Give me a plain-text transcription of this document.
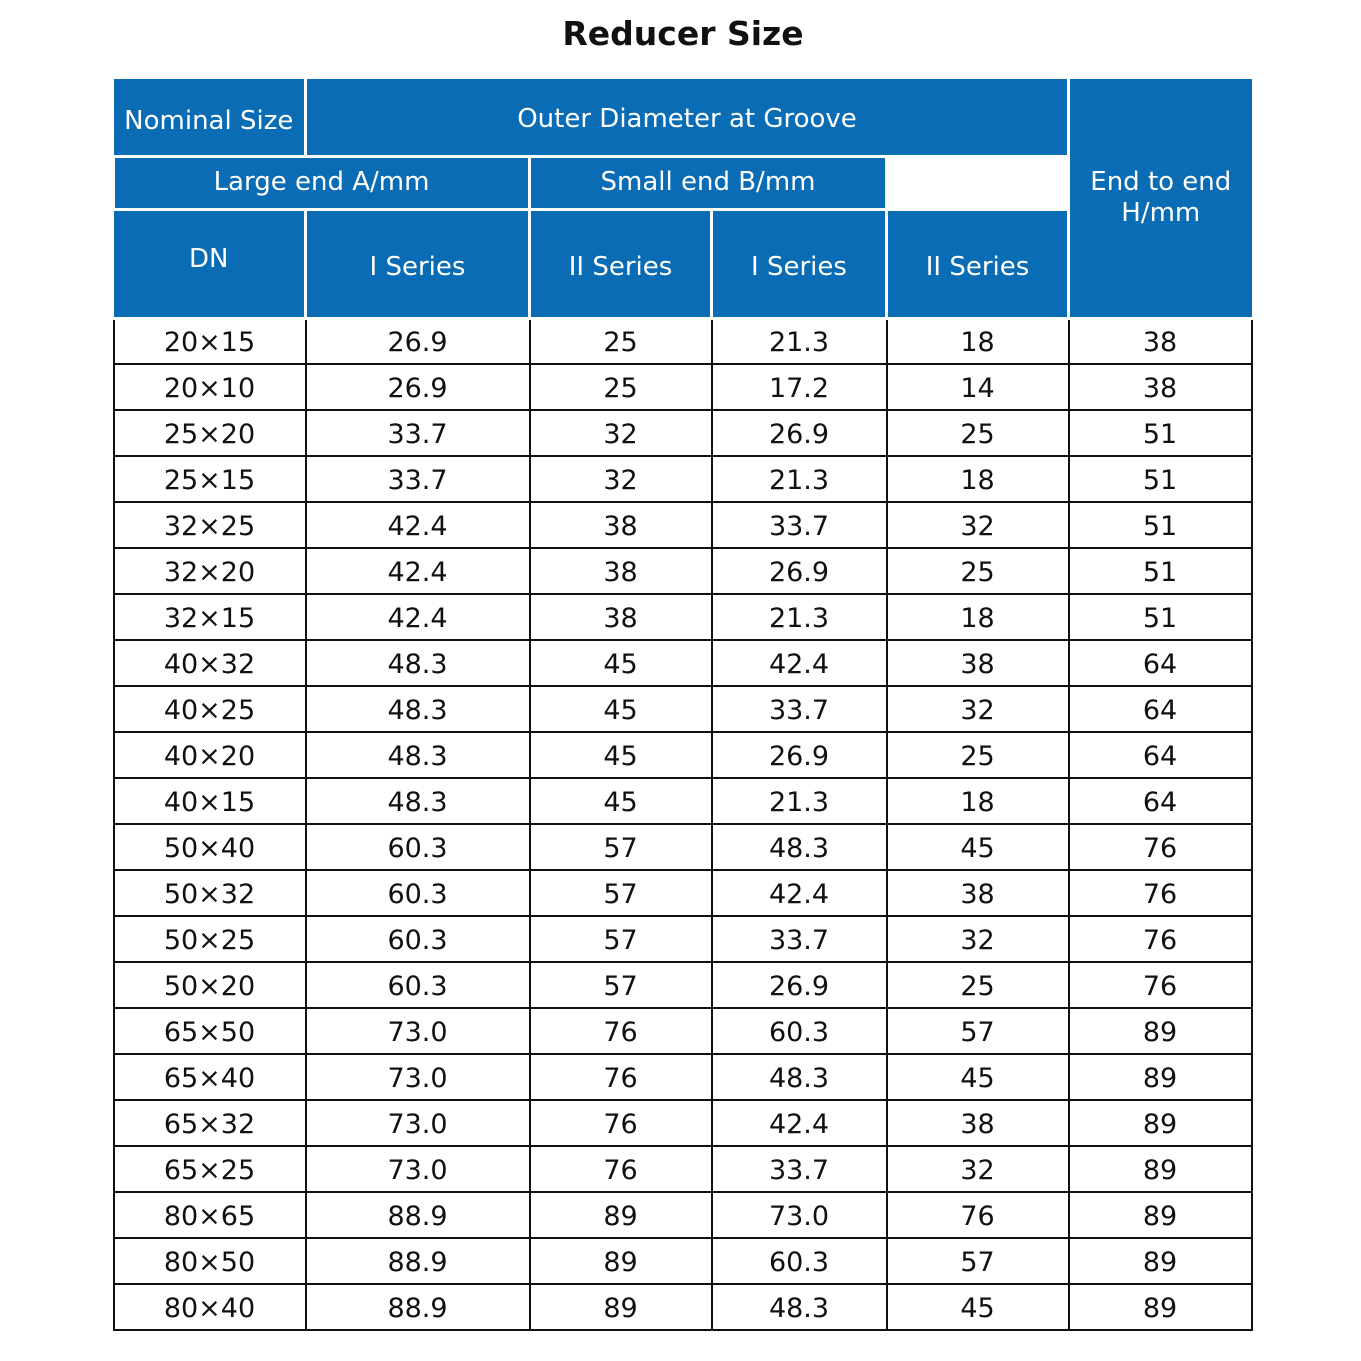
Reducer Size
Nominal Size	Outer Diameter at Groove				End to end H/mm
Large end A/mm		Small end B/mm			
DN	I Series	II Series	I Series	II Series	
20×15	26.9	25	21.3	18	38
20×10	26.9	25	17.2	14	38
25×20	33.7	32	26.9	25	51
25×15	33.7	32	21.3	18	51
32×25	42.4	38	33.7	32	51
32×20	42.4	38	26.9	25	51
32×15	42.4	38	21.3	18	51
40×32	48.3	45	42.4	38	64
40×25	48.3	45	33.7	32	64
40×20	48.3	45	26.9	25	64
40×15	48.3	45	21.3	18	64
50×40	60.3	57	48.3	45	76
50×32	60.3	57	42.4	38	76
50×25	60.3	57	33.7	32	76
50×20	60.3	57	26.9	25	76
65×50	73.0	76	60.3	57	89
65×40	73.0	76	48.3	45	89
65×32	73.0	76	42.4	38	89
65×25	73.0	76	33.7	32	89
80×65	88.9	89	73.0	76	89
80×50	88.9	89	60.3	57	89
80×40	88.9	89	48.3	45	89
